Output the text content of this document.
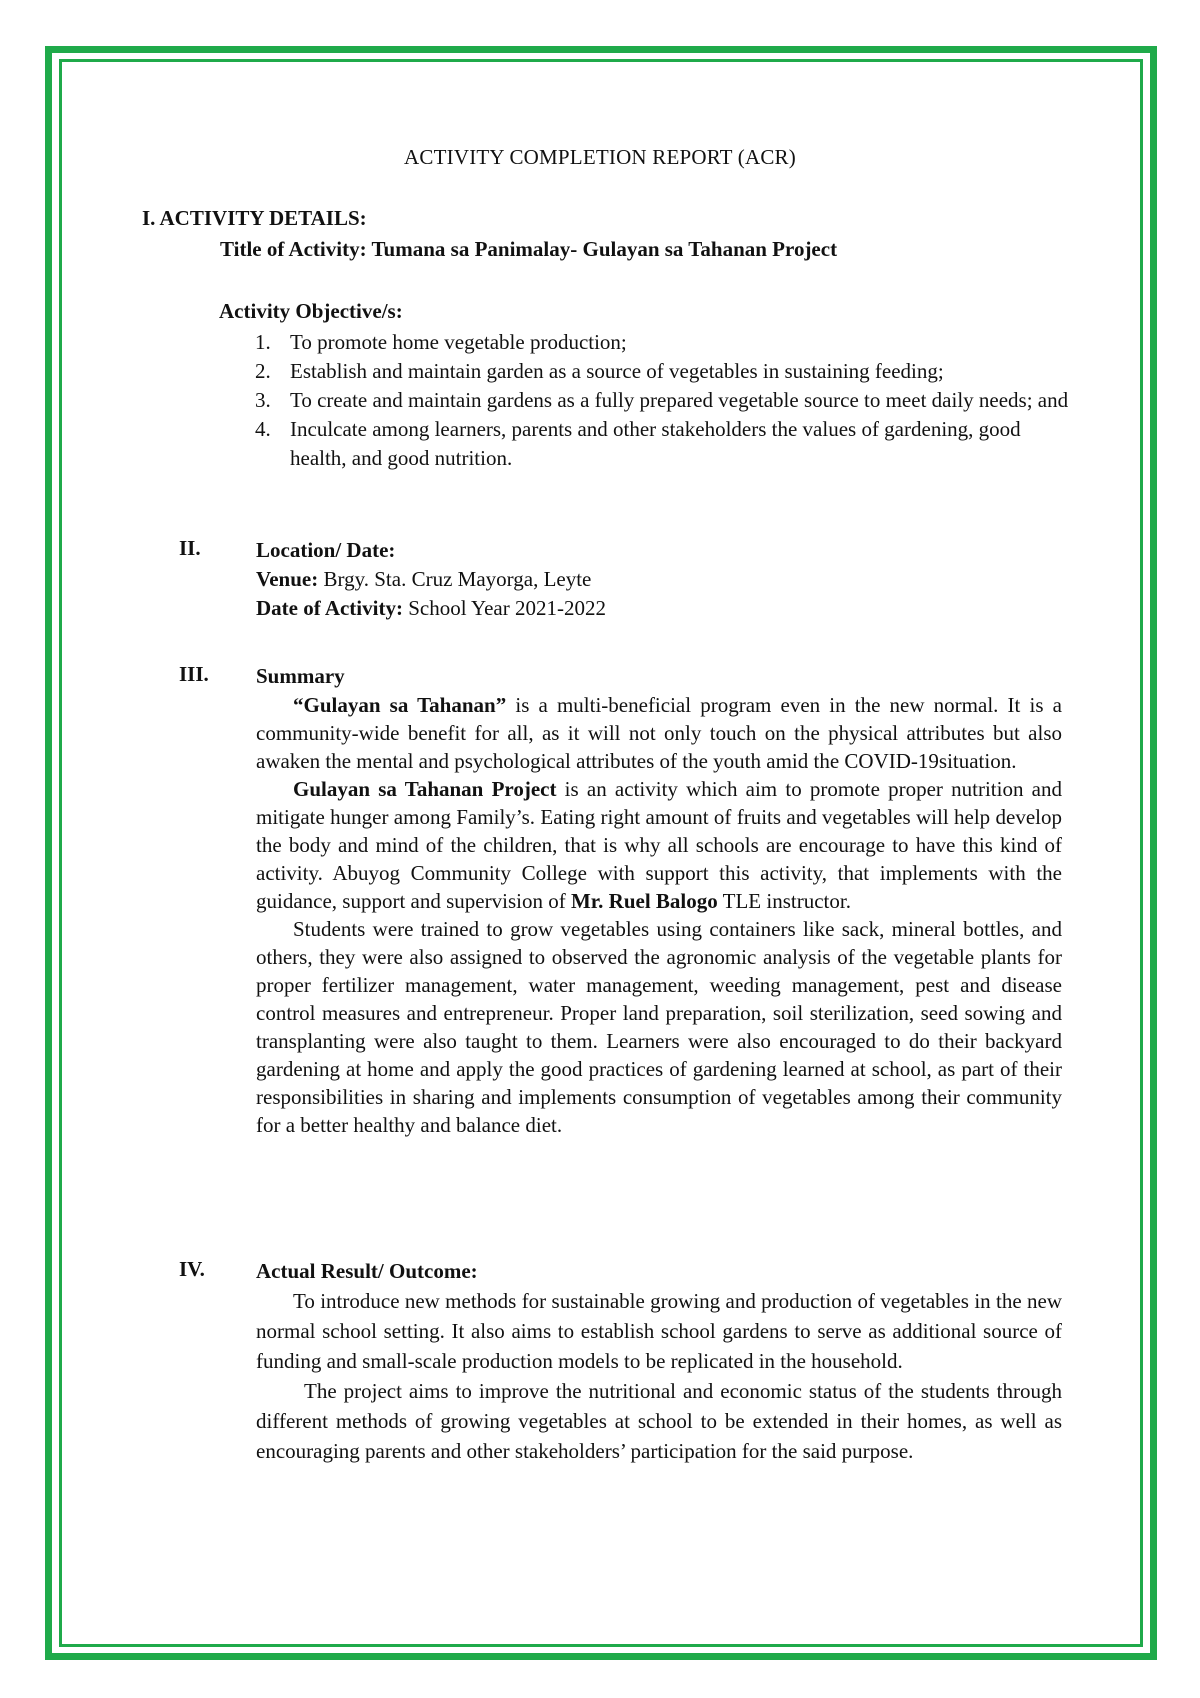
ACTIVITY COMPLETION REPORT (ACR)
I. ACTIVITY DETAILS:
Title of Activity: Tumana sa Panimalay- Gulayan sa Tahanan Project
Activity Objective/s:
1. To promote home vegetable production;
2. Establish and maintain garden as a source of vegetables in sustaining feeding;
3. To create and maintain gardens as a fully prepared vegetable source to meet daily needs; and
4. Inculcate among learners, parents and other stakeholders the values of gardening, good health, and good nutrition.
II.	Location/ Date:
Venue: Brgy. Sta. Cruz Mayorga, Leyte
Date of Activity: School Year 2021-2022
III. Summary

“Gulayan sa Tahanan” is a multi-beneficial program even in the new normal. It is a community-wide benefit for all, as it will not only touch on the physical attributes but also awaken the mental and psychological attributes of the youth amid the COVID-19situation.

Gulayan sa Tahanan Project is an activity which aim to promote proper nutrition and mitigate hunger among Family’s. Eating right amount of fruits and vegetables will help develop the body and mind of the children, that is why all schools are encourage to have this kind of activity. Abuyog Community College with support this activity, that implements with the guidance, support and supervision of Mr. Ruel Balogo TLE instructor.

Students were trained to grow vegetables using containers like sack, mineral bottles, and others, they were also assigned to observed the agronomic analysis of the vegetable plants for proper fertilizer management, water management, weeding management, pest and disease control measures and entrepreneur. Proper land preparation, soil sterilization, seed sowing and transplanting were also taught to them. Learners were also encouraged to do their backyard gardening at home and apply the good practices of gardening learned at school, as part of their responsibilities in sharing and implements consumption of vegetables among their community for a better healthy and balance diet.

IV. Actual Result/ Outcome:

To introduce new methods for sustainable growing and production of vegetables in the new normal school setting. It also aims to establish school gardens to serve as additional source of funding and small-scale production models to be replicated in the household.

The project aims to improve the nutritional and economic status of the students through different methods of growing vegetables at school to be extended in their homes, as well as encouraging parents and other stakeholders’ participation for the said purpose.
